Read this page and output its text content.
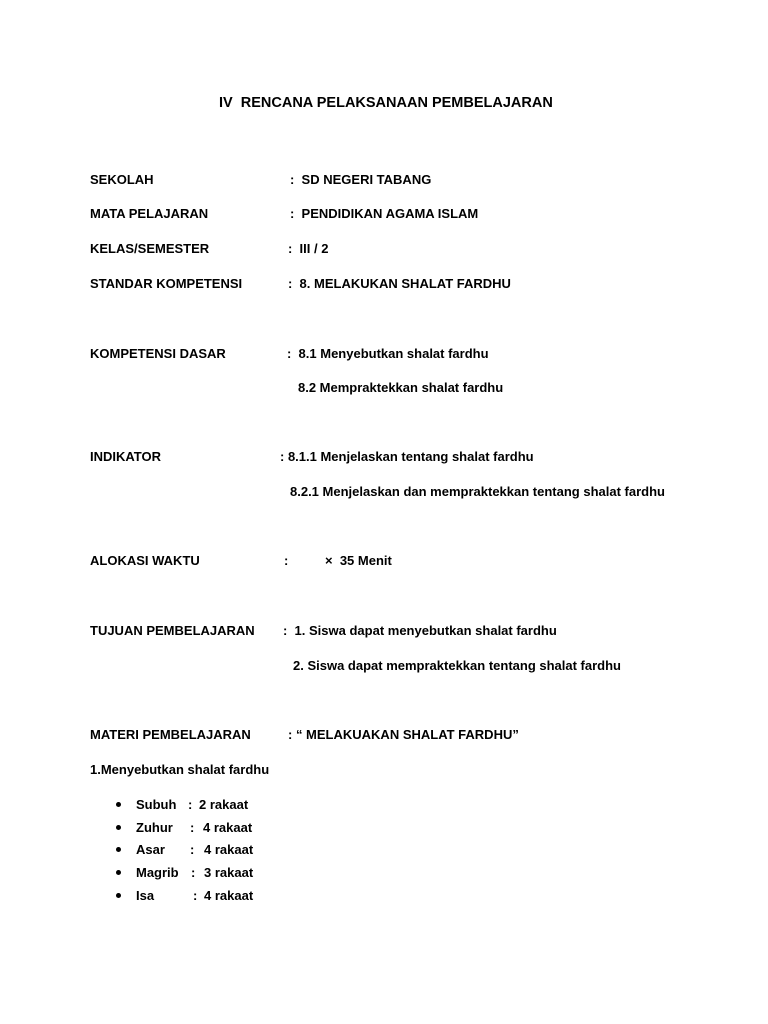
IV  RENCANA PELAKSANAAN PEMBELAJARAN
SEKOLAH	:  SD NEGERI TABANG
MATA PELAJARAN	:  PENDIDIKAN AGAMA ISLAM
KELAS/SEMESTER	:  III / 2
STANDAR KOMPETENSI	:  8. MELAKUKAN SHALAT FARDHU
KOMPETENSI DASAR	:  8.1 Menyebutkan shalat fardhu
8.2 Mempraktekkan shalat fardhu
INDIKATOR	: 8.1.1 Menjelaskan tentang shalat fardhu
8.2.1 Menjelaskan dan mempraktekkan tentang shalat fardhu
ALOKASI WAKTU	:	×  35 Menit
TUJUAN PEMBELAJARAN :  1. Siswa dapat menyebutkan shalat fardhu
2. Siswa dapat mempraktekkan tentang shalat fardhu
MATERI PEMBELAJARAN	: “ MELAKUAKAN SHALAT FARDHU”
1.Menyebutkan shalat fardhu
Subuh : 2 rakaat
Zuhur : 4 rakaat
Asar : 4 rakaat
Magrib : 3 rakaat
Isa	: 4 rakaat
